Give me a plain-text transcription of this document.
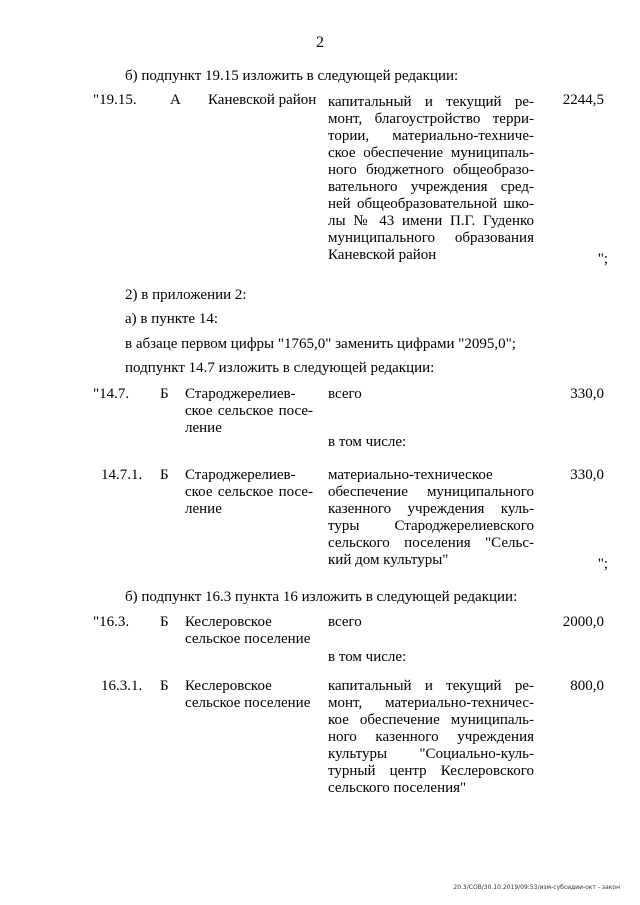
2
б) подпункт 19.15 изложить в следующей редакции:
"19.15. А Каневской район капитальный и текущий ре-монт, благоустройство терри-тории, материально-техниче-ское обеспечение муниципаль-ного бюджетного общеобразо-вательного учреждения сред-ней общеобразовательной шко-лы № 43 имени П.Г. Гуденко муниципального образования Каневской район
2244,5
";
2) в приложении 2:
а) в пункте 14:
в абзаце первом цифры "1765,0" заменить цифрами "2095,0";
подпункт 14.7 изложить в следующей редакции:
"14.7. Б Староджерелиев-ское сельское посе-ление
всего	330,0
в том числе:
14.7.1. Б Староджерелиев-ское сельское посе-ление
материально-техническое обеспечение муниципального казенного учреждения куль-туры Староджерелиевского сельского поселения "Сельс-кий дом культуры"
330,0
";
б) подпункт 16.3 пункта 16 изложить в следующей редакции:
"16.3. Б Кеслеровское сельское поселение
всего	2000,0
в том числе:
16.3.1. Б Кеслеровское сельское поселение
капитальный и текущий ре-монт, материально-техничес-кое обеспечение муниципаль-ного казенного учреждения культуры "Социально-куль-турный центр Кеслеровского сельского поселения"
800,0
20.3/СОВ/30.10.2019/09:53/изм-субсидии-окт - закон
